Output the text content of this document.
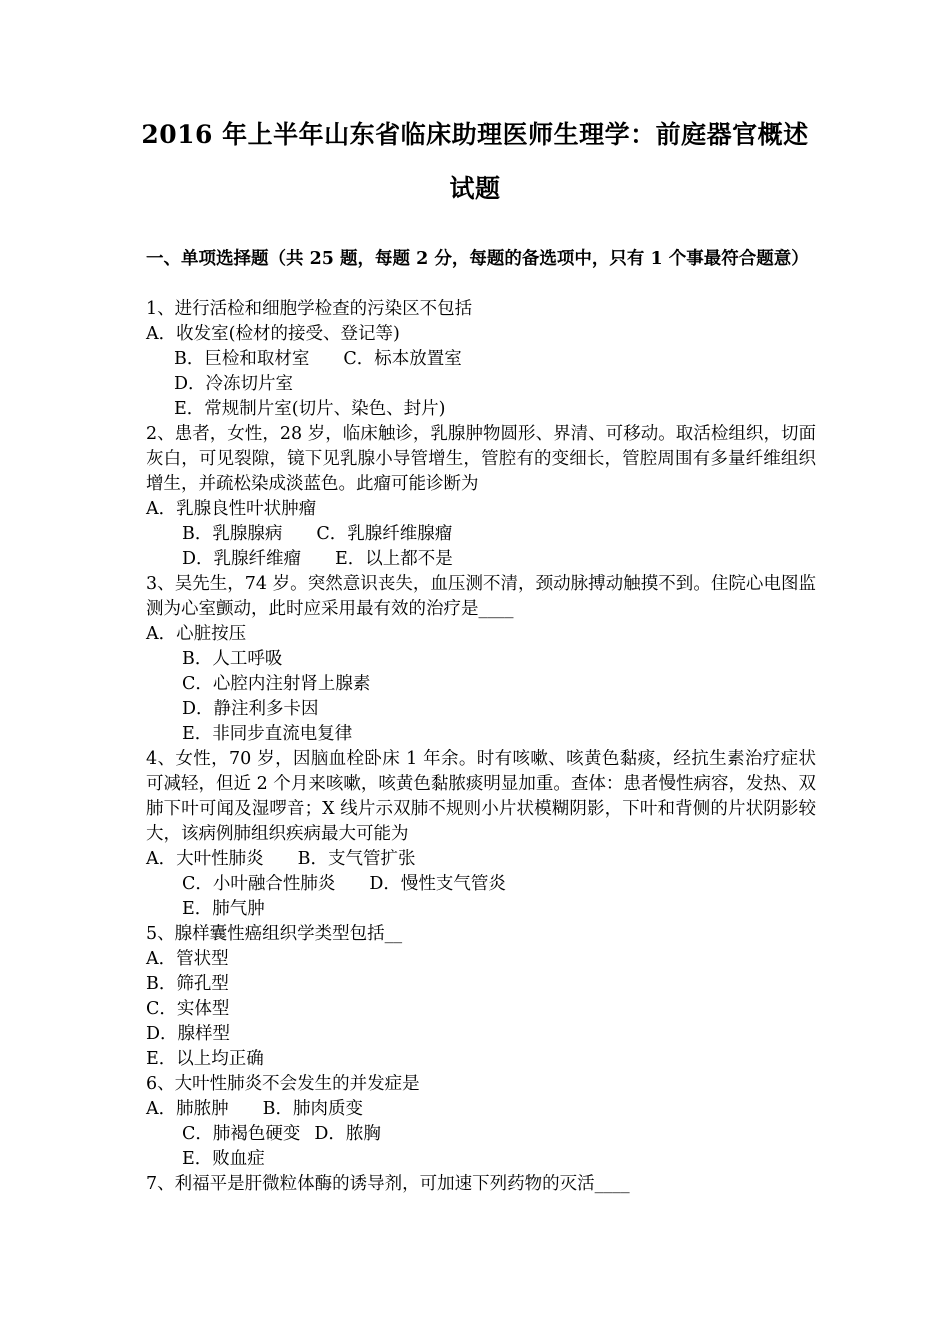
2016 年上半年山东省临床助理医师生理学：前庭器官概述
试题
一、单项选择题（共 25 题，每题 2 分，每题的备选项中，只有 1 个事最符合题意）
1、进行活检和细胞学检查的污染区不包括
A．收发室(检材的接受、登记等)
B．巨检和取材室 C．标本放置室
D．冷冻切片室
E．常规制片室(切片、染色、封片)
2、患者，女性，28 岁，临床触诊，乳腺肿物圆形、界清、可移动。取活检组织，切面灰白，可见裂隙，镜下见乳腺小导管增生，管腔有的变细长，管腔周围有多量纤维组织增生，并疏松染成淡蓝色。此瘤可能诊断为
A．乳腺良性叶状肿瘤
B．乳腺腺病 C．乳腺纤维腺瘤
D．乳腺纤维瘤 E．以上都不是
3、吴先生，74 岁。突然意识丧失，血压测不清，颈动脉搏动触摸不到。住院心电图监测为心室颤动，此时应采用最有效的治疗是____
A．心脏按压
B．人工呼吸
C．心腔内注射肾上腺素
D．静注利多卡因
E．非同步直流电复律
4、女性，70 岁，因脑血栓卧床 1 年余。时有咳嗽、咳黄色黏痰，经抗生素治疗症状可减轻，但近 2 个月来咳嗽，咳黄色黏脓痰明显加重。查体：患者慢性病容，发热、双肺下叶可闻及湿啰音；X 线片示双肺不规则小片状模糊阴影，下叶和背侧的片状阴影较大，该病例肺组织疾病最大可能为
A．大叶性肺炎 B．支气管扩张
C．小叶融合性肺炎 D．慢性支气管炎
E．肺气肿
5、腺样囊性癌组织学类型包括__
A．管状型
B．筛孔型
C．实体型
D．腺样型
E．以上均正确
6、大叶性肺炎不会发生的并发症是
A．肺脓肿 B．肺肉质变
C．肺褐色硬变 D．脓胸
E．败血症
7、利福平是肝微粒体酶的诱导剂，可加速下列药物的灭活____
